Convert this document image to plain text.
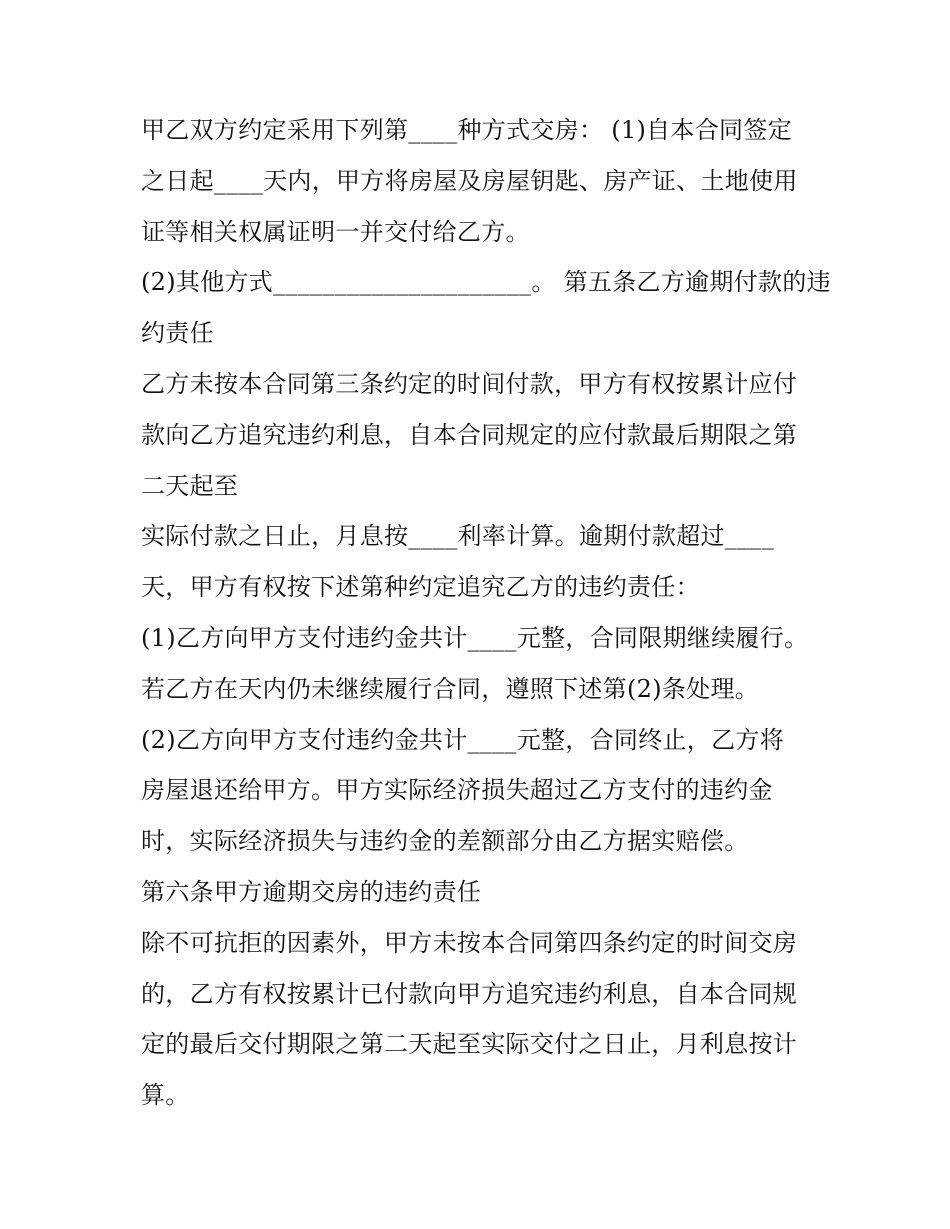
甲乙双方约定采用下列第____种方式交房： (1)自本合同签定
之日起____天内，甲方将房屋及房屋钥匙、房产证、土地使用
证等相关权属证明一并交付给乙方。
(2)其他方式_____________________。 第五条乙方逾期付款的违
约责任
乙方未按本合同第三条约定的时间付款，甲方有权按累计应付
款向乙方追究违约利息，自本合同规定的应付款最后期限之第
二天起至
实际付款之日止，月息按____利率计算。逾期付款超过____
天，甲方有权按下述第种约定追究乙方的违约责任：
(1)乙方向甲方支付违约金共计____元整，合同限期继续履行。
若乙方在天内仍未继续履行合同，遵照下述第(2)条处理。
(2)乙方向甲方支付违约金共计____元整，合同终止，乙方将
房屋退还给甲方。甲方实际经济损失超过乙方支付的违约金
时，实际经济损失与违约金的差额部分由乙方据实赔偿。
第六条甲方逾期交房的违约责任
除不可抗拒的因素外，甲方未按本合同第四条约定的时间交房
的，乙方有权按累计已付款向甲方追究违约利息，自本合同规
定的最后交付期限之第二天起至实际交付之日止，月利息按计
算。
